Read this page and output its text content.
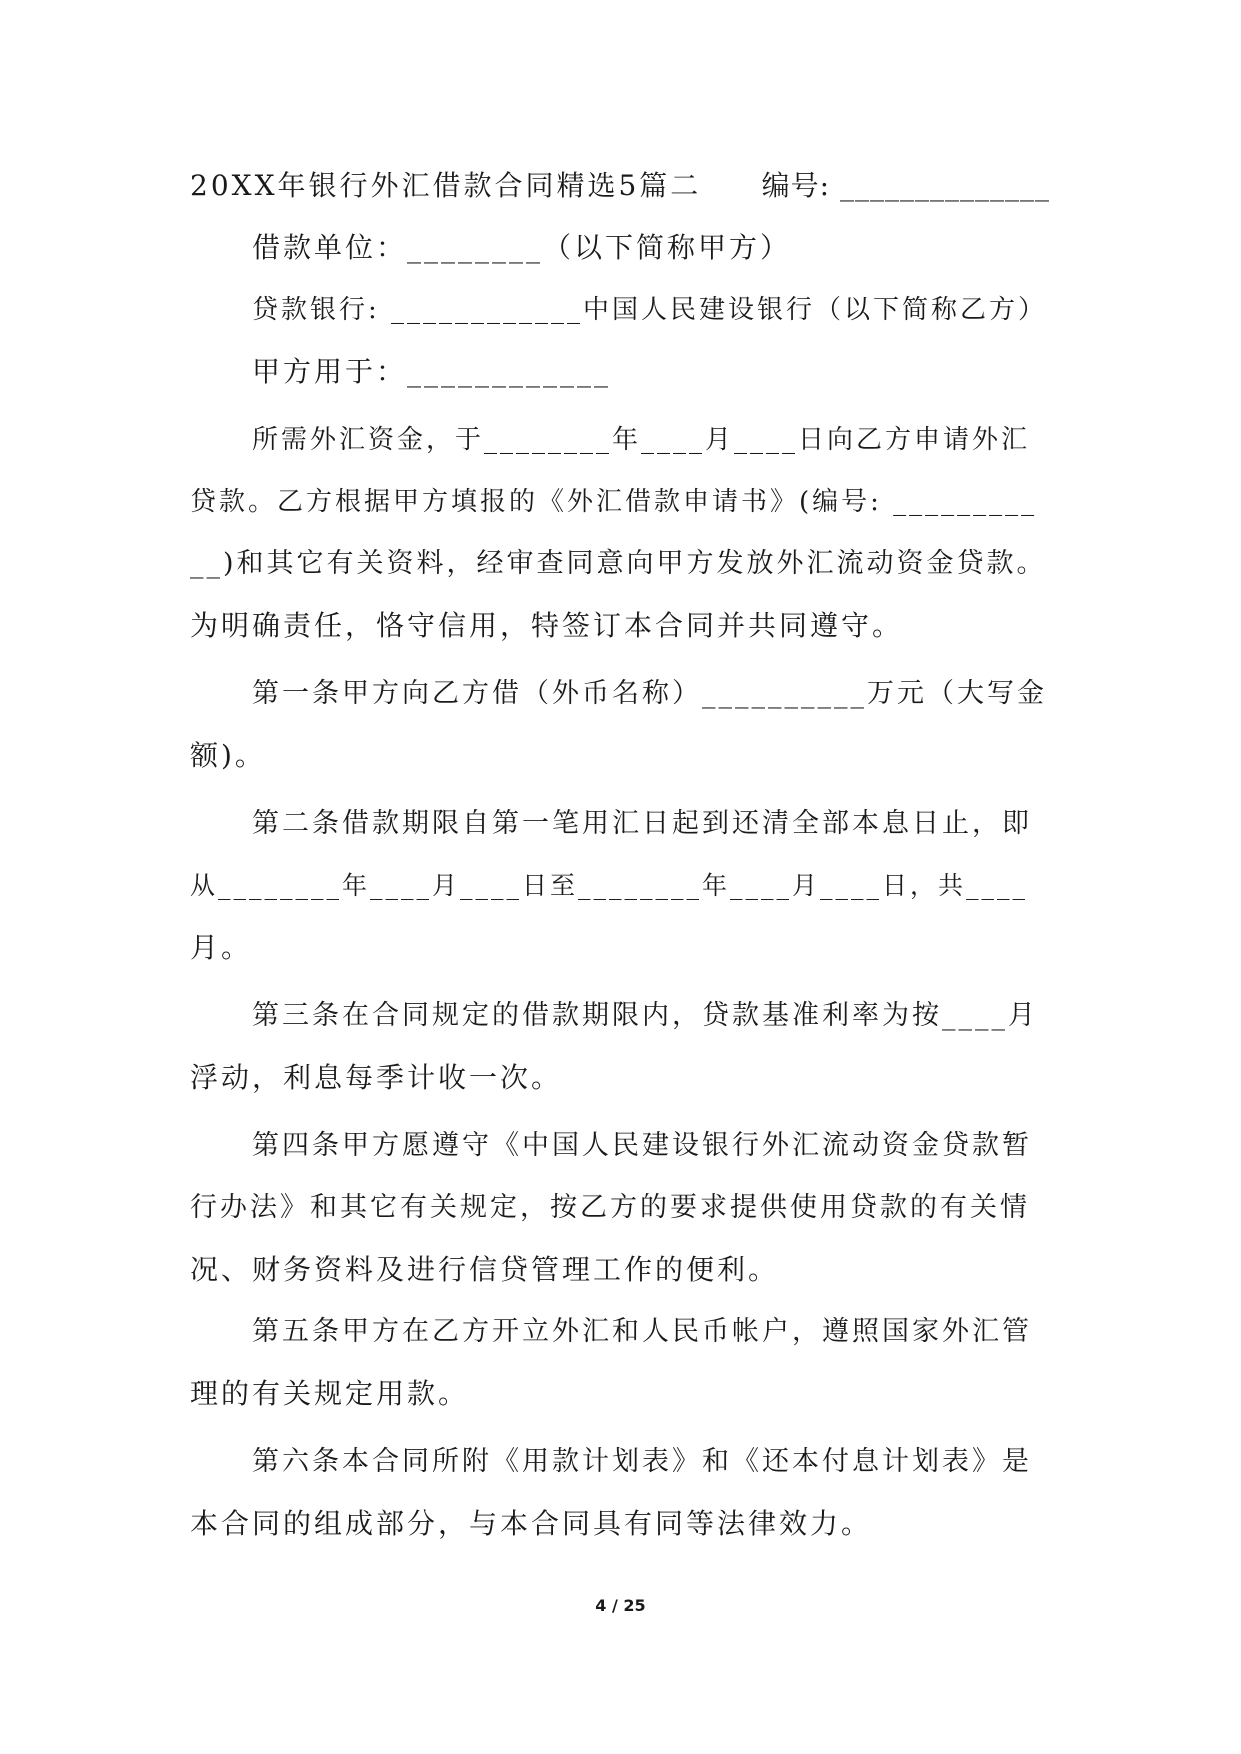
20XX年银行外汇借款合同精选5篇二 编号: ______________
借款单位：________（以下简称甲方）
贷款银行: ____________中国人民建设银行（以下简称乙方）
甲方用于：____________
所需外汇资金，于________年____月____日向乙方申请外汇
贷款。乙方根据甲方填报的《外汇借款申请书》(编号: _________
__)和其它有关资料，经审查同意向甲方发放外汇流动资金贷款。
为明确责任，恪守信用，特签订本合同并共同遵守。
第一条甲方向乙方借（外币名称）__________万元（大写金
额)。
第二条借款期限自第一笔用汇日起到还清全部本息日止，即
从________年____月____日至________年____月____日，共____
月。
第三条在合同规定的借款期限内，贷款基准利率为按____月
浮动，利息每季计收一次。
第四条甲方愿遵守《中国人民建设银行外汇流动资金贷款暂
行办法》和其它有关规定，按乙方的要求提供使用贷款的有关情
况、财务资料及进行信贷管理工作的便利。
第五条甲方在乙方开立外汇和人民币帐户，遵照国家外汇管
理的有关规定用款。
第六条本合同所附《用款计划表》和《还本付息计划表》是
本合同的组成部分，与本合同具有同等法律效力。
4 / 25
